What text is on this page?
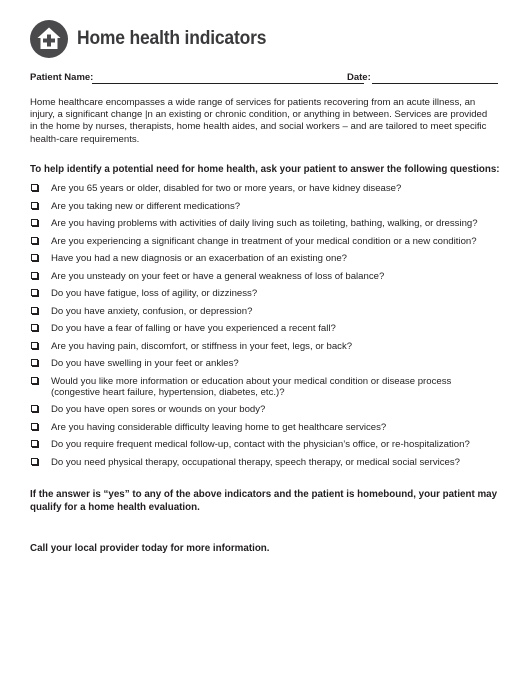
Home health indicators
Patient Name:	Date:

Home healthcare encompasses a wide range of services for patients recovering from an acute illness, an injury, a significant change |n an existing or chronic condition, or anything in between. Services are provided in the home by nurses, therapists, home health aides, and social workers – and are tailored to meet specific health-care requirements.

To help identify a potential need for home health, ask your patient to answer the following questions:

Are you 65 years or older, disabled for two or more years, or have kidney disease?
Are you taking new or different medications?
Are you having problems with activities of daily living such as toileting, bathing, walking, or dressing?
Are you experiencing a significant change in treatment of your medical condition or a new condition?
Have you had a new diagnosis or an exacerbation of an existing one?
Are you unsteady on your feet or have a general weakness of loss of balance?
Do you have fatigue, loss of agility, or dizziness?
Do you have anxiety, confusion, or depression?
Do you have a fear of falling or have you experienced a recent fall?
Are you having pain, discomfort, or stiffness in your feet, legs, or back?
Do you have swelling in your feet or ankles?
Would you like more information or education about your medical condition or disease process (congestive heart failure, hypertension, diabetes, etc.)?
Do you have open sores or wounds on your body?
Are you having considerable difficulty leaving home to get healthcare services?
Do you require frequent medical follow-up, contact with the physician’s office, or re-hospitalization?
Do you need physical therapy, occupational therapy, speech therapy, or medical social services?

If the answer is “yes” to any of the above indicators and the patient is homebound, your patient may qualify for a home health evaluation.

Call your local provider today for more information.
